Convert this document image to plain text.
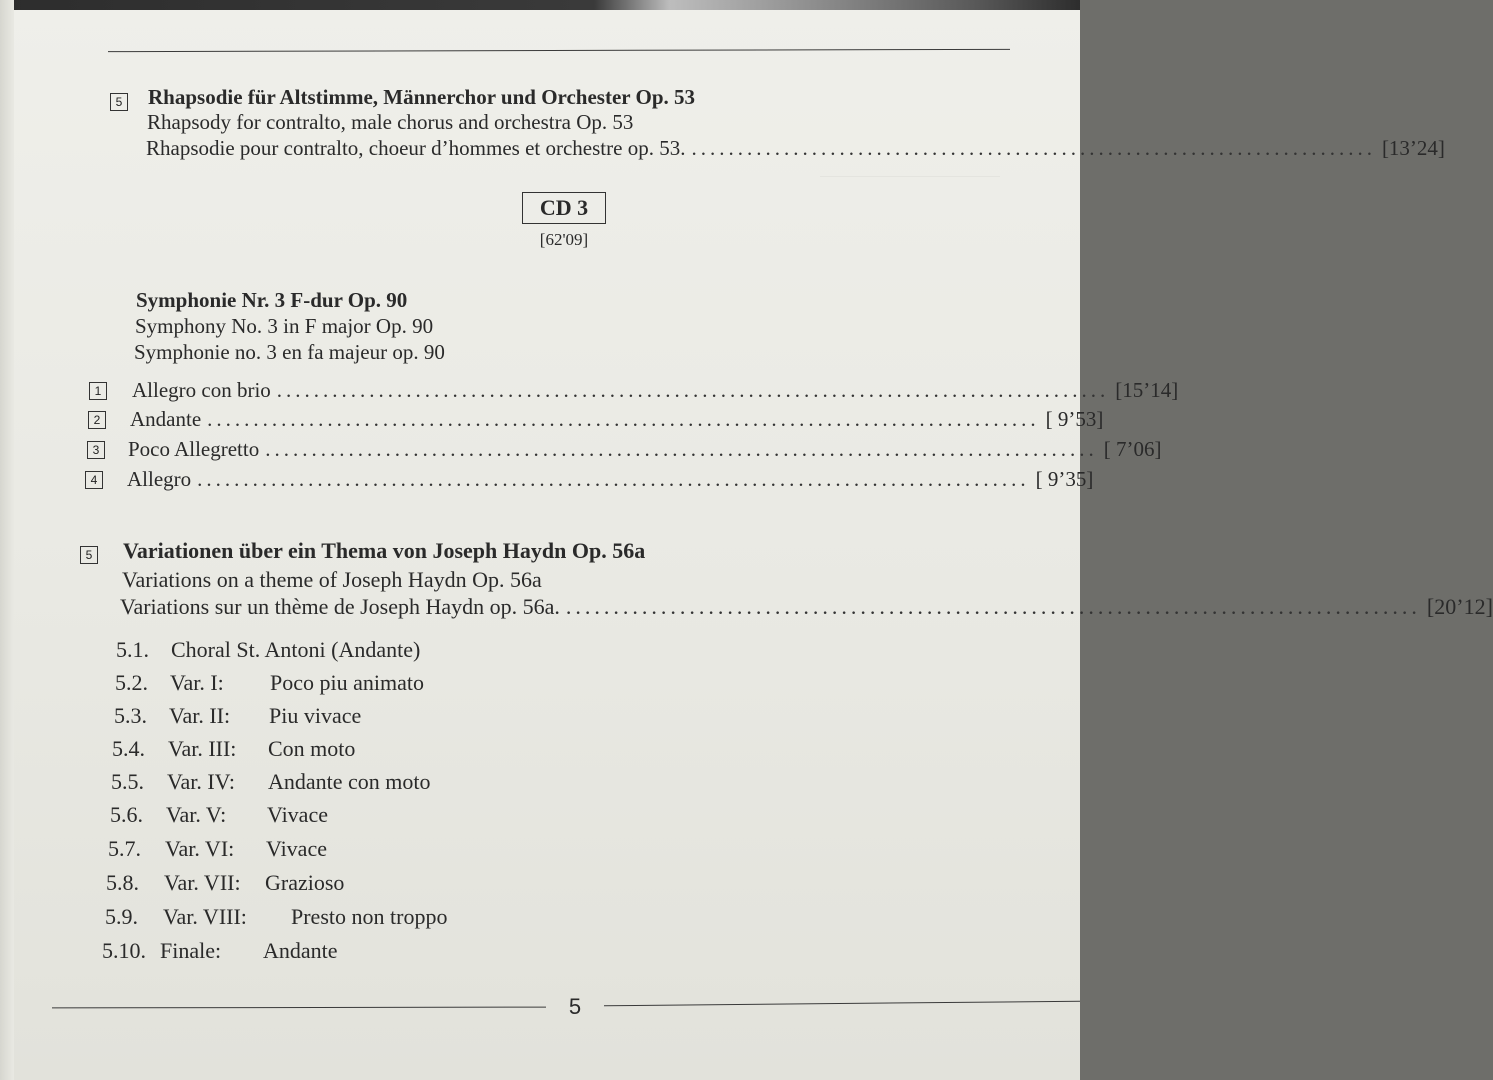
5 Rhapsodie für Altstimme, Männerchor und Orchester Op. 53
Rhapsody for contralto, male chorus and orchestra Op. 53
Rhapsodie pour contralto, choeur d’hommes et orchestre op. 53. .......................................................................... [13’24]
CD 3
[62'09]
Symphonie Nr. 3 F-dur Op. 90
Symphony No. 3 in F major Op. 90
Symphonie no. 3 en fa majeur op. 90
1 Allegro con brio .......................................................................................... [15’14]
2 Andante .......................................................................................... [ 9’53]
3 Poco Allegretto .......................................................................................... [ 7’06]
4 Allegro .......................................................................................... [ 9’35]
5 Variationen über ein Thema von Joseph Haydn Op. 56a
Variations on a theme of Joseph Haydn Op. 56a
Variations sur un thème de Joseph Haydn op. 56a. .......................................................................................... [20’12]
5.1. Choral St. Antoni (Andante)
5.2. Var. I: Poco piu animato
5.3. Var. II: Piu vivace
5.4. Var. III: Con moto
5.5. Var. IV: Andante con moto
5.6. Var. V: Vivace
5.7. Var. VI: Vivace
5.8. Var. VII: Grazioso
5.9. Var. VIII: Presto non troppo
5.10. Finale: Andante
5
